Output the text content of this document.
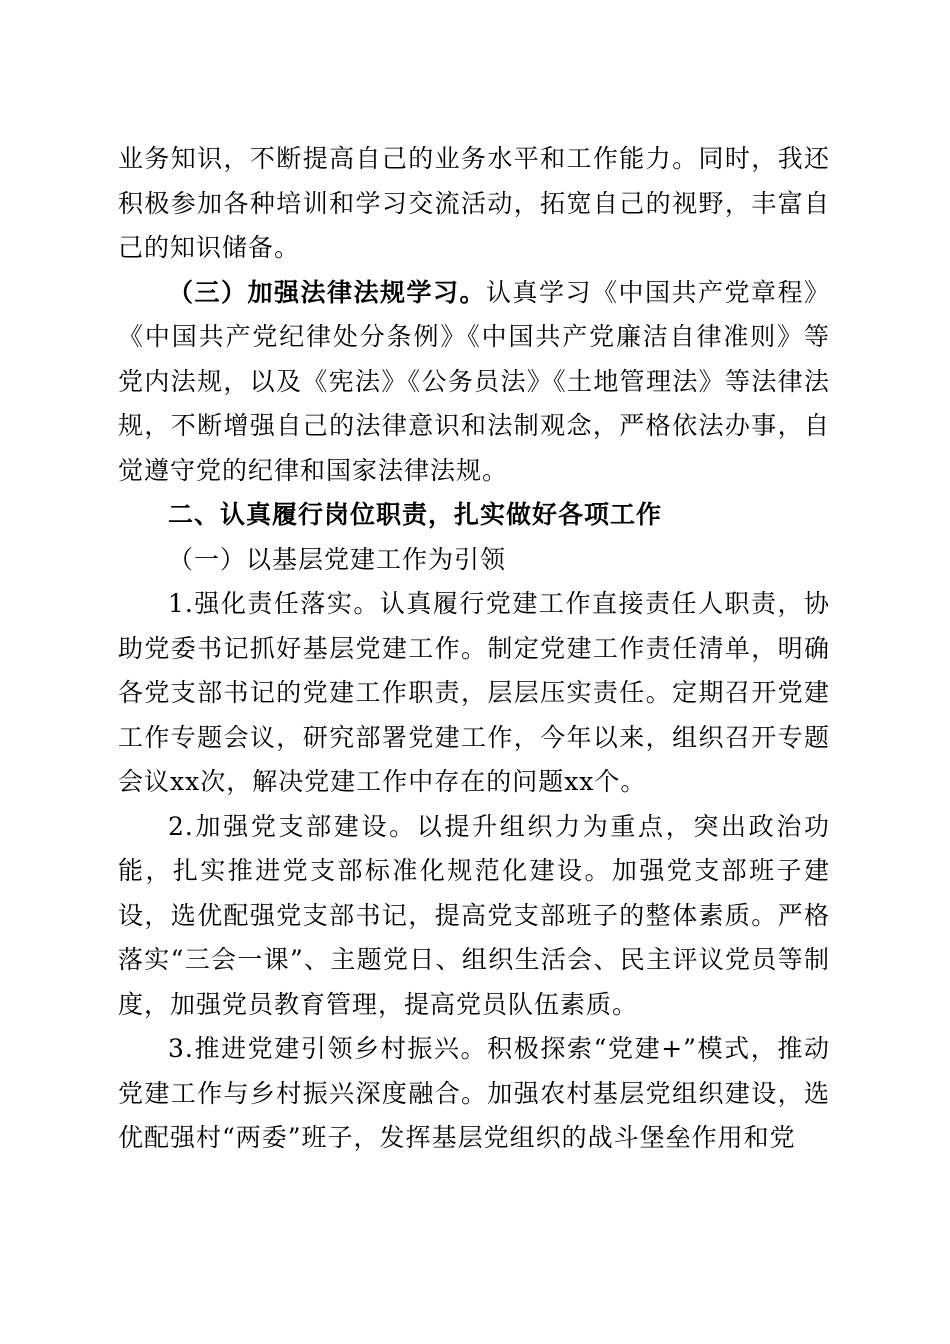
业务知识，不断提高自己的业务水平和工作能力。同时，我还积极参加各种培训和学习交流活动，拓宽自己的视野，丰富自己的知识储备。

（三）加强法律法规学习。认真学习《中国共产党章程》《中国共产党纪律处分条例》《中国共产党廉洁自律准则》等党内法规，以及《宪法》《公务员法》《土地管理法》等法律法规，不断增强自己的法律意识和法制观念，严格依法办事，自觉遵守党的纪律和国家法律法规。

二、认真履行岗位职责，扎实做好各项工作

（一）以基层党建工作为引领

1.强化责任落实。认真履行党建工作直接责任人职责，协助党委书记抓好基层党建工作。制定党建工作责任清单，明确各党支部书记的党建工作职责，层层压实责任。定期召开党建工作专题会议，研究部署党建工作，今年以来，组织召开专题会议xx次，解决党建工作中存在的问题xx个。

2.加强党支部建设。以提升组织力为重点，突出政治功能，扎实推进党支部标准化规范化建设。加强党支部班子建设，选优配强党支部书记，提高党支部班子的整体素质。严格落实“三会一课”、主题党日、组织生活会、民主评议党员等制度，加强党员教育管理，提高党员队伍素质。

3.推进党建引领乡村振兴。积极探索“党建+”模式，推动党建工作与乡村振兴深度融合。加强农村基层党组织建设，选优配强村“两委”班子，发挥基层党组织的战斗堡垒作用和党
